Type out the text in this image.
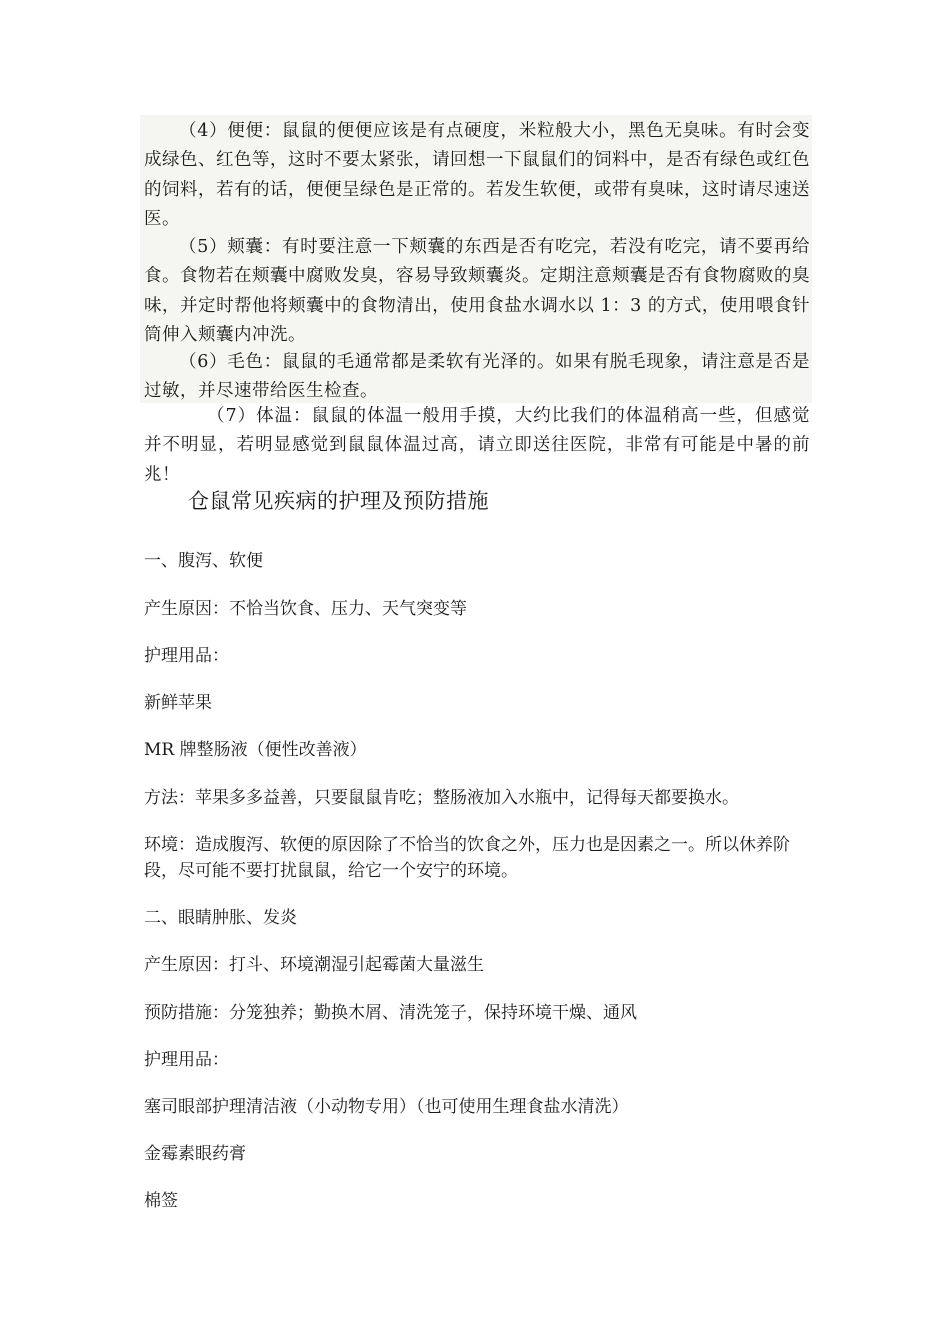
（4）便便：鼠鼠的便便应该是有点硬度，米粒般大小，黑色无臭味。有时会变成绿色、红色等，这时不要太紧张，请回想一下鼠鼠们的饲料中，是否有绿色或红色的饲料，若有的话，便便呈绿色是正常的。若发生软便，或带有臭味，这时请尽速送医。
（5）颊囊：有时要注意一下颊囊的东西是否有吃完，若没有吃完，请不要再给食。食物若在颊囊中腐败发臭，容易导致颊囊炎。定期注意颊囊是否有食物腐败的臭味，并定时帮他将颊囊中的食物清出，使用食盐水调水以 1：3 的方式，使用喂食针筒伸入颊囊内冲洗。
（6）毛色：鼠鼠的毛通常都是柔软有光泽的。如果有脱毛现象，请注意是否是过敏，并尽速带给医生检查。
（7）体温：鼠鼠的体温一般用手摸，大约比我们的体温稍高一些，但感觉并不明显，若明显感觉到鼠鼠体温过高，请立即送往医院，非常有可能是中暑的前兆！
仓鼠常见疾病的护理及预防措施
一、腹泻、软便
产生原因：不恰当饮食、压力、天气突变等
护理用品：
新鲜苹果
MR 牌整肠液（便性改善液）
方法：苹果多多益善，只要鼠鼠肯吃；整肠液加入水瓶中，记得每天都要换水。
环境：造成腹泻、软便的原因除了不恰当的饮食之外，压力也是因素之一。所以休养阶段，尽可能不要打扰鼠鼠，给它一个安宁的环境。
二、眼睛肿胀、发炎
产生原因：打斗、环境潮湿引起霉菌大量滋生
预防措施：分笼独养；勤换木屑、清洗笼子，保持环境干燥、通风
护理用品：
塞司眼部护理清洁液（小动物专用）（也可使用生理食盐水清洗）
金霉素眼药膏
棉签
